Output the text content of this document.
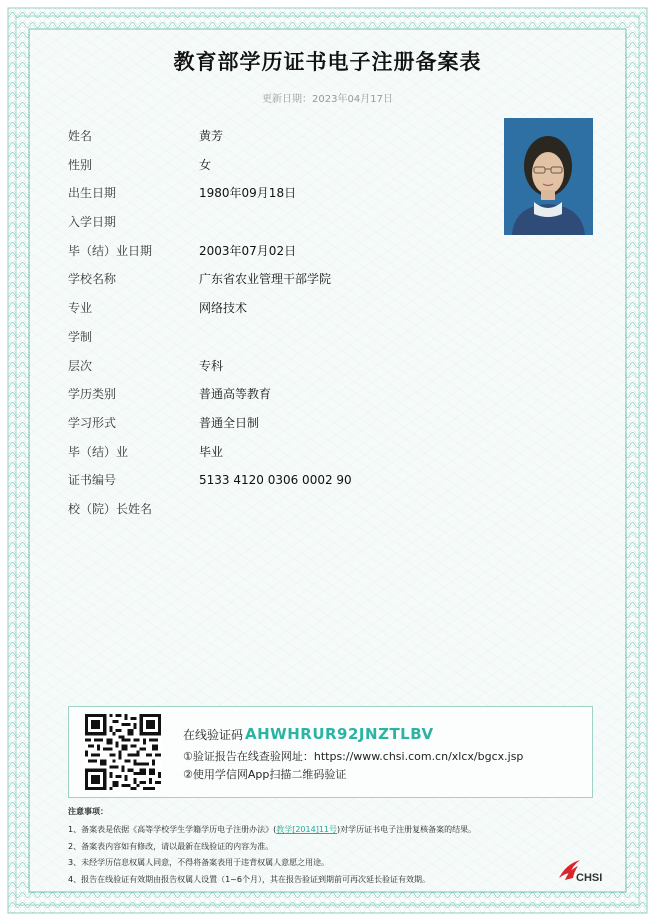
教育部学历证书电子注册备案表
更新日期：2023年04月17日
姓名	黄芳
性别	女
出生日期	1980年09月18日
入学日期
毕（结）业日期	2003年07月02日
学校名称	广东省农业管理干部学院
专业	网络技术
学制
层次	专科
学历类别	普通高等教育
学习形式	普通全日制
毕（结）业	毕业
证书编号	5133 4120 0306 0002 90
校（院）长姓名
在线验证码 AHWHRUR92JNZTLBV
①验证报告在线查验网址：https://www.chsi.com.cn/xlcx/bgcx.jsp
②使用学信网App扫描二维码验证
注意事项：
1、备案表是依据《高等学校学生学籍学历电子注册办法》(教学[2014]11号)对学历证书电子注册复核备案的结果。
2、备案表内容如有修改，请以最新在线验证的内容为准。
3、未经学历信息权属人同意，不得将备案表用于违背权属人意愿之用途。
4、报告在线验证有效期由报告权属人设置（1~6个月），其在报告验证到期前可再次延长验证有效期。	CHSI
